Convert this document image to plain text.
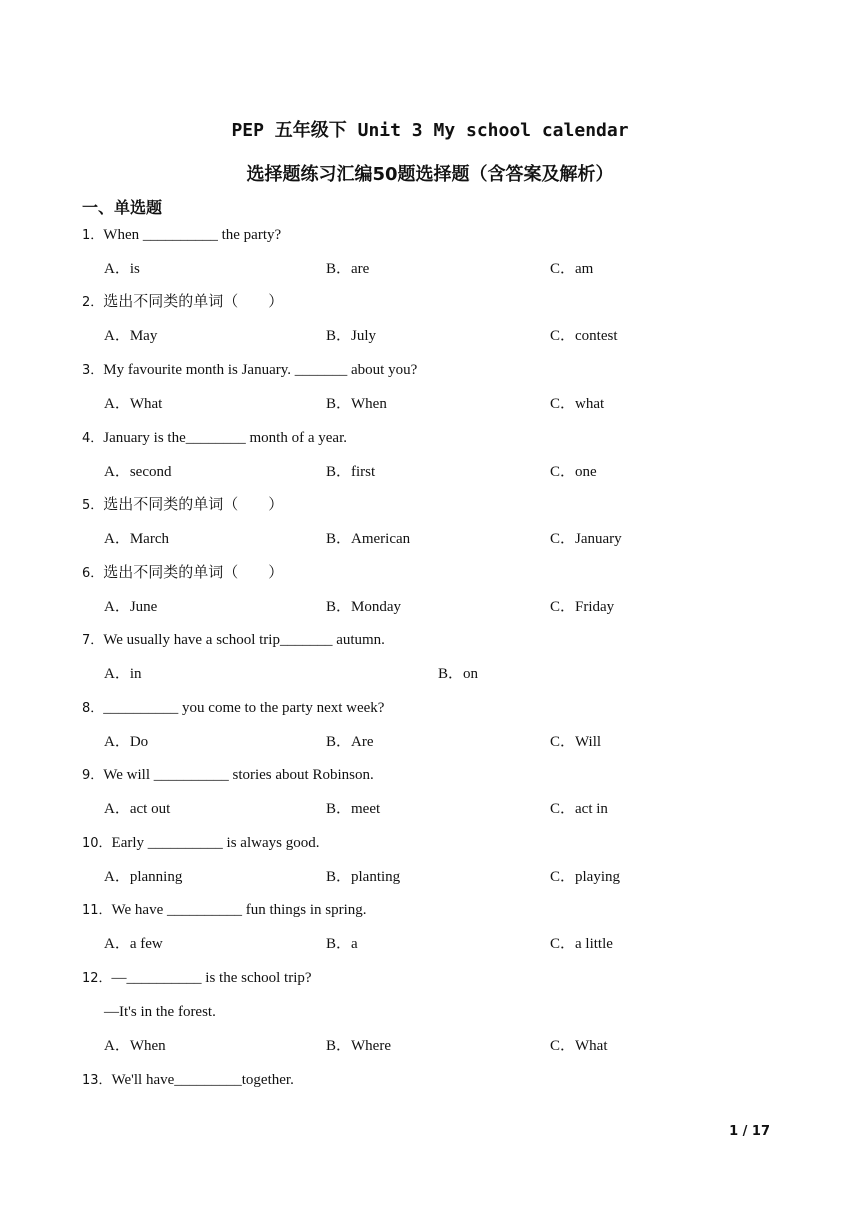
PEP 五年级下 Unit 3 My school calendar
选择题练习汇编50题选择题（含答案及解析）
一、单选题
1．When __________ the party?
A．is	B．are	C．am
2．选出不同类的单词（　　）
A．May	B．July	C．contest
3．My favourite month is January. _______ about you?
A．What	B．When	C．what
4．January is the________ month of a year.
A．second	B．first	C．one
5．选出不同类的单词（　　）
A．March	B．American	C．January
6．选出不同类的单词（　　）
A．June	B．Monday	C．Friday
7．We usually have a school trip_______ autumn.
A．in	B．on
8．__________ you come to the party next week?
A．Do	B．Are	C．Will
9．We will __________ stories about Robinson.
A．act out	B．meet	C．act in
10．Early __________ is always good.
A．planning	B．planting	C．playing
11．We have __________ fun things in spring.
A．a few	B．a	C．a little
12．—__________ is the school trip?
—It's in the forest.
A．When	B．Where	C．What
13．We'll have_________together.
1 / 17
